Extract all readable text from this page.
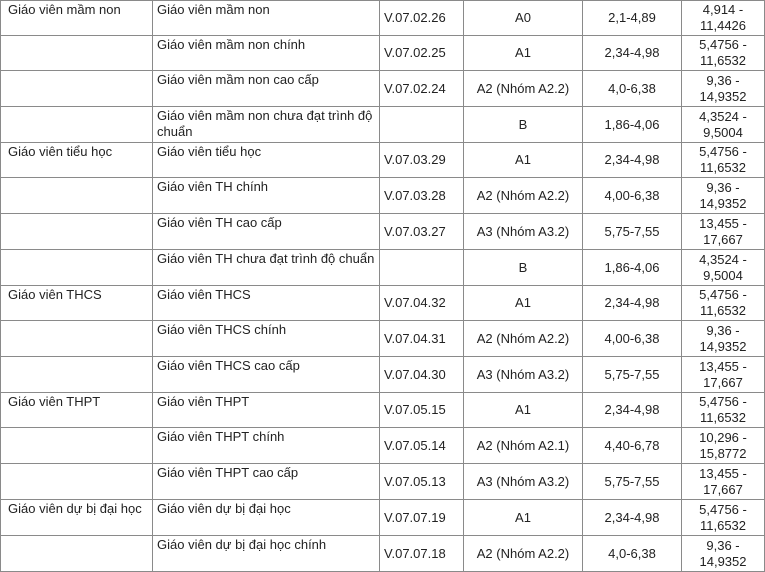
Giáo viên mầm non	Giáo viên mầm non	V.07.02.26	A0	2,1-4,89	4,914 - 11,4426
	Giáo viên mầm non chính	V.07.02.25	A1	2,34-4,98	5,4756 - 11,6532
	Giáo viên mầm non cao cấp	V.07.02.24	A2 (Nhóm A2.2)	4,0-6,38	9,36 - 14,9352
	Giáo viên mầm non chưa đạt trình độ chuẩn		B	1,86-4,06	4,3524 - 9,5004
Giáo viên tiểu học	Giáo viên tiểu học	V.07.03.29	A1	2,34-4,98	5,4756 - 11,6532
	Giáo viên TH chính	V.07.03.28	A2 (Nhóm A2.2)	4,00-6,38	9,36 - 14,9352
	Giáo viên TH cao cấp	V.07.03.27	A3 (Nhóm A3.2)	5,75-7,55	13,455 - 17,667
	Giáo viên TH chưa đạt trình độ chuẩn		B	1,86-4,06	4,3524 - 9,5004
Giáo viên THCS	Giáo viên THCS	V.07.04.32	A1	2,34-4,98	5,4756 - 11,6532
	Giáo viên THCS chính	V.07.04.31	A2 (Nhóm A2.2)	4,00-6,38	9,36 - 14,9352
	Giáo viên THCS cao cấp	V.07.04.30	A3 (Nhóm A3.2)	5,75-7,55	13,455 - 17,667
Giáo viên THPT	Giáo viên THPT	V.07.05.15	A1	2,34-4,98	5,4756 - 11,6532
	Giáo viên THPT chính	V.07.05.14	A2 (Nhóm A2.1)	4,40-6,78	10,296 - 15,8772
	Giáo viên THPT cao cấp	V.07.05.13	A3 (Nhóm A3.2)	5,75-7,55	13,455 - 17,667
Giáo viên dự bị đại học	Giáo viên dự bị đại học	V.07.07.19	A1	2,34-4,98	5,4756 - 11,6532
	Giáo viên dự bị đại học chính	V.07.07.18	A2 (Nhóm A2.2)	4,0-6,38	9,36 - 14,9352
